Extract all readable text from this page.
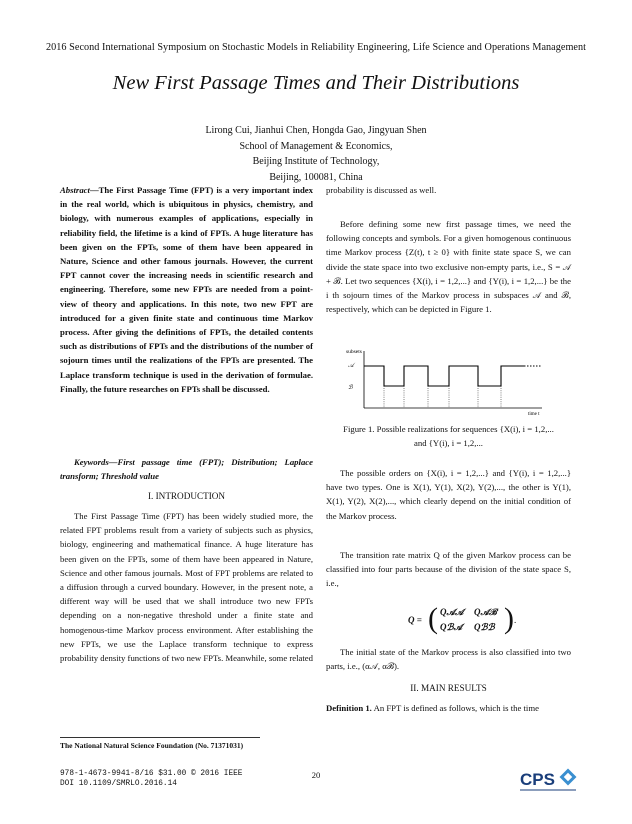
2016 Second International Symposium on Stochastic Models in Reliability Engineering, Life Science and Operations Management
New First Passage Times and Their Distributions
Lirong Cui, Jianhui Chen, Hongda Gao, Jingyuan Shen
School of Management & Economics,
Beijing Institute of Technology,
Beijing, 100081, China

Abstract—The First Passage Time (FPT) is a very important index in the real world, which is ubiquitous in physics, chemistry, and biology, with numerous examples of applications, especially in reliability field, the lifetime is a kind of FPTs. A huge literature has been given on the FPTs, some of them have been appeared in Nature, Science and other famous journals. However, the current FPT cannot cover the increasing needs in scientific research and engineering. Therefore, some new FPTs are needed from a point-view of theory and applications. In this note, two new FPT are introduced for a given finite state and continuous time Markov process. After giving the definitions of FPTs, the detailed contents such as distributions of FPTs and the distributions of the number of sojourn times until the realizations of the FPTs are presented. The Laplace transform technique is used in the derivation of formulae. Finally, the future researches on FPTs shall be discussed.

Keywords—First passage time (FPT); Distribution; Laplace transform; Threshold value

I. INTRODUCTION

The First Passage Time (FPT) has been widely studied more, the related FPT problems result from a variety of subjects such as physics, biology, engineering and mathematical finance. A huge literature has been given on the FPTs, some of them have been appeared in Nature, Science and other famous journals. Most of FPT problems are related to a diffusion through a curved boundary. However, in the present note, a different way will be used that we shall introduce two new FPTs depending on a non-negative threshold under a finite state and homogenous-time Markov process environment. After establishing the new FPTs, we use the Laplace transform technique to express probability density functions of two new FPTs. Meanwhile, some related

probability is discussed as well.

Before defining some new first passage times, we need the following concepts and symbols. For a given homogenous continuous time Markov process {Z(t), t ≥ 0} with finite state space S, we can divide the state space into two exclusive non-empty parts, i.e., S = 𝒜 + ℬ. Let two sequences {X(i), i = 1,2,...} and {Y(i), i = 1,2,...} be the i th sojourn times of the Markov process in subspaces 𝒜 and ℬ, respectively, which can be depicted in Figure 1.

subsets
𝒜
ℬ
time t
Figure 1. Possible realizations for sequences {X(i), i = 1,2,...
and {Y(i), i = 1,2,...

The possible orders on {X(i), i = 1,2,...} and {Y(i), i = 1,2,...} have two types. One is X(1), Y(1), X(2), Y(2),..., the other is Y(1), X(1), Y(2), X(2),..., which clearly depend on the initial condition of the Markov process.

The transition rate matrix Q of the given Markov process can be classified into four parts because of the division of the state space S, i.e.,

Q = ( Q𝒜𝒜 Q𝒜ℬ
Qℬ𝒜 Qℬℬ ) .

The initial state of the Markov process is also classified into two parts, i.e., (α𝒜, αℬ).

II. MAIN RESULTS

Definition 1. An FPT is defined as follows, which is the time

The National Natural Science Foundation (No. 71371031)
978-1-4673-9941-8/16 $31.00 © 2016 IEEE
DOI 10.1109/SMRLO.2016.14
20	CPS
